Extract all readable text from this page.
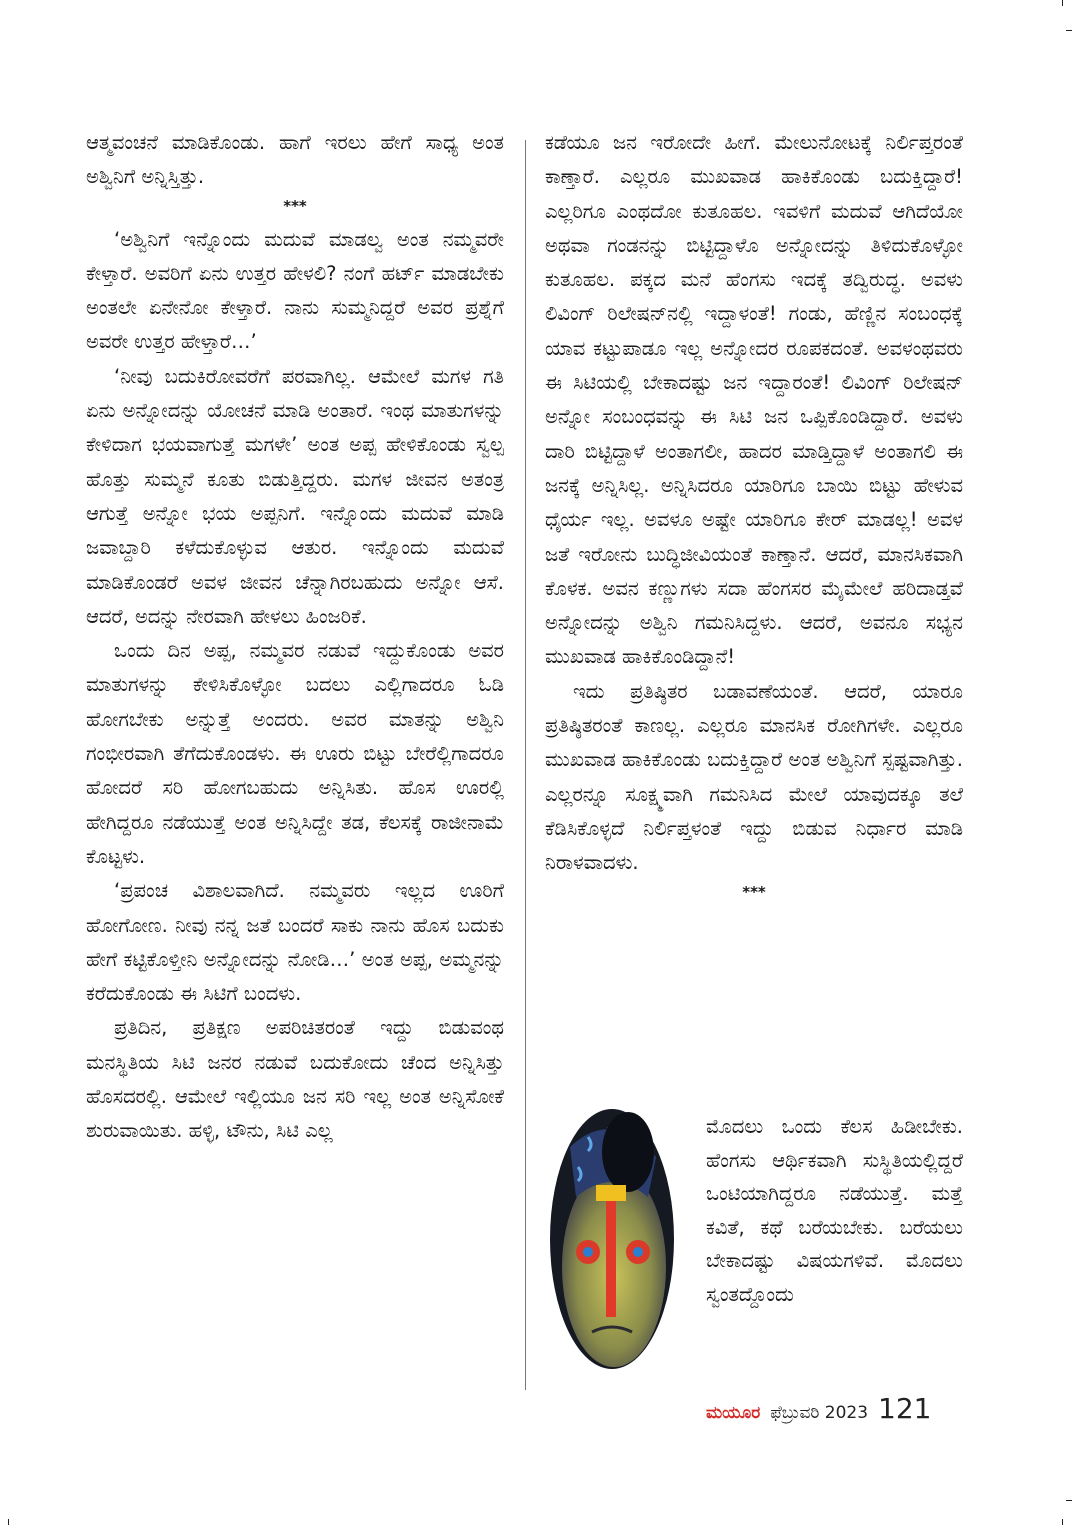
ಆತ್ಮವಂಚನೆ ಮಾಡಿಕೊಂಡು. ಹಾಗೆ ಇರಲು ಹೇಗೆ ಸಾಧ್ಯ ಅಂತ ಅಶ್ವಿನಿಗೆ ಅನ್ನಿಸ್ತಿತ್ತು.

***

‘ಅಶ್ವಿನಿಗೆ ಇನ್ನೊಂದು ಮದುವೆ ಮಾಡಲ್ವ ಅಂತ ನಮ್ಮವರೇ ಕೇಳ್ತಾರೆ. ಅವರಿಗೆ ಏನು ಉತ್ತರ ಹೇಳಲಿ? ನಂಗೆ ಹರ್ಟ್ ಮಾಡಬೇಕು ಅಂತಲೇ ಏನೇನೋ ಕೇಳ್ತಾರೆ. ನಾನು ಸುಮ್ಮನಿದ್ದರೆ ಅವರ ಪ್ರಶ್ನೆಗೆ ಅವರೇ ಉತ್ತರ ಹೇಳ್ತಾರೆ…’

‘ನೀವು ಬದುಕಿರೋವರೆಗೆ ಪರವಾಗಿಲ್ಲ. ಆಮೇಲೆ ಮಗಳ ಗತಿ ಏನು ಅನ್ನೋದನ್ನು ಯೋಚನೆ ಮಾಡಿ ಅಂತಾರೆ. ಇಂಥ ಮಾತುಗಳನ್ನು ಕೇಳಿದಾಗ ಭಯವಾಗುತ್ತೆ ಮಗಳೇ’ ಅಂತ ಅಪ್ಪ ಹೇಳಿಕೊಂಡು ಸ್ವಲ್ಪ ಹೊತ್ತು ಸುಮ್ಮನೆ ಕೂತು ಬಿಡುತ್ತಿದ್ದರು. ಮಗಳ ಜೀವನ ಅತಂತ್ರ ಆಗುತ್ತೆ ಅನ್ನೋ ಭಯ ಅಪ್ಪನಿಗೆ. ಇನ್ನೊಂದು ಮದುವೆ ಮಾಡಿ ಜವಾಬ್ದಾರಿ ಕಳೆದುಕೊಳ್ಳುವ ಆತುರ. ಇನ್ನೊಂದು ಮದುವೆ ಮಾಡಿಕೊಂಡರೆ ಅವಳ ಜೀವನ ಚೆನ್ನಾಗಿರಬಹುದು ಅನ್ನೋ ಆಸೆ. ಆದರೆ, ಅದನ್ನು ನೇರವಾಗಿ ಹೇಳಲು ಹಿಂಜರಿಕೆ.

ಒಂದು ದಿನ ಅಪ್ಪ, ನಮ್ಮವರ ನಡುವೆ ಇದ್ದುಕೊಂಡು ಅವರ ಮಾತುಗಳನ್ನು ಕೇಳಿಸಿಕೊಳ್ಳೋ ಬದಲು ಎಲ್ಲಿಗಾದರೂ ಓಡಿ ಹೋಗಬೇಕು ಅನ್ನುತ್ತೆ ಅಂದರು. ಅವರ ಮಾತನ್ನು ಅಶ್ವಿನಿ ಗಂಭೀರವಾಗಿ ತೆಗೆದುಕೊಂಡಳು. ಈ ಊರು ಬಿಟ್ಟು ಬೇರೆಲ್ಲಿಗಾದರೂ ಹೋದರೆ ಸರಿ ಹೋಗಬಹುದು ಅನ್ನಿಸಿತು. ಹೊಸ ಊರಲ್ಲಿ ಹೇಗಿದ್ದರೂ ನಡೆಯುತ್ತೆ ಅಂತ ಅನ್ನಿಸಿದ್ದೇ ತಡ, ಕೆಲಸಕ್ಕೆ ರಾಜೀನಾಮೆ ಕೊಟ್ಟಳು.

‘ಪ್ರಪಂಚ ವಿಶಾಲವಾಗಿದೆ. ನಮ್ಮವರು ಇಲ್ಲದ ಊರಿಗೆ ಹೋಗೋಣ. ನೀವು ನನ್ನ ಜತೆ ಬಂದರೆ ಸಾಕು ನಾನು ಹೊಸ ಬದುಕು ಹೇಗೆ ಕಟ್ಟಿಕೊಳ್ತೀನಿ ಅನ್ನೋದನ್ನು ನೋಡಿ…’ ಅಂತ ಅಪ್ಪ, ಅಮ್ಮನನ್ನು ಕರೆದುಕೊಂಡು ಈ ಸಿಟಿಗೆ ಬಂದಳು.

ಪ್ರತಿದಿನ, ಪ್ರತಿಕ್ಷಣ ಅಪರಿಚಿತರಂತೆ ಇದ್ದು ಬಿಡುವಂಥ ಮನಸ್ಥಿತಿಯ ಸಿಟಿ ಜನರ ನಡುವೆ ಬದುಕೋದು ಚೆಂದ ಅನ್ನಿಸಿತ್ತು ಹೊಸದರಲ್ಲಿ. ಆಮೇಲೆ ಇಲ್ಲಿಯೂ ಜನ ಸರಿ ಇಲ್ಲ ಅಂತ ಅನ್ನಿಸೋಕೆ ಶುರುವಾಯಿತು. ಹಳ್ಳಿ, ಟೌನು, ಸಿಟಿ ಎಲ್ಲ

ಕಡೆಯೂ ಜನ ಇರೋದೇ ಹೀಗೆ. ಮೇಲುನೋಟಕ್ಕೆ ನಿರ್ಲಿಪ್ತರಂತೆ ಕಾಣ್ತಾರೆ. ಎಲ್ಲರೂ ಮುಖವಾಡ ಹಾಕಿಕೊಂಡು ಬದುಕ್ತಿದ್ದಾರೆ! ಎಲ್ಲರಿಗೂ ಎಂಥದೋ ಕುತೂಹಲ. ಇವಳಿಗೆ ಮದುವೆ ಆಗಿದೆಯೋ ಅಥವಾ ಗಂಡನನ್ನು ಬಿಟ್ಟಿದ್ದಾಳೊ ಅನ್ನೋದನ್ನು ತಿಳಿದುಕೊಳ್ಳೋ ಕುತೂಹಲ. ಪಕ್ಕದ ಮನೆ ಹೆಂಗಸು ಇದಕ್ಕೆ ತದ್ವಿರುದ್ಧ. ಅವಳು ಲಿವಿಂಗ್ ರಿಲೇಷನ್‌ನಲ್ಲಿ ಇದ್ದಾಳಂತೆ! ಗಂಡು, ಹೆಣ್ಣಿನ ಸಂಬಂಧಕ್ಕೆ ಯಾವ ಕಟ್ಟುಪಾಡೂ ಇಲ್ಲ ಅನ್ನೋದರ ರೂಪಕದಂತೆ. ಅವಳಂಥವರು ಈ ಸಿಟಿಯಲ್ಲಿ ಬೇಕಾದಷ್ಟು ಜನ ಇದ್ದಾರಂತೆ! ಲಿವಿಂಗ್ ರಿಲೇಷನ್ ಅನ್ನೋ ಸಂಬಂಧವನ್ನು ಈ ಸಿಟಿ ಜನ ಒಪ್ಪಿಕೊಂಡಿದ್ದಾರೆ. ಅವಳು ದಾರಿ ಬಿಟ್ಟಿದ್ದಾಳೆ ಅಂತಾಗಲೀ, ಹಾದರ ಮಾಡ್ತಿದ್ದಾಳೆ ಅಂತಾಗಲಿ ಈ ಜನಕ್ಕೆ ಅನ್ನಿಸಿಲ್ಲ. ಅನ್ನಿಸಿದರೂ ಯಾರಿಗೂ ಬಾಯಿ ಬಿಟ್ಟು ಹೇಳುವ ಧೈರ್ಯ ಇಲ್ಲ. ಅವಳೂ ಅಷ್ಟೇ ಯಾರಿಗೂ ಕೇರ್ ಮಾಡಲ್ಲ! ಅವಳ ಜತೆ ಇರೋನು ಬುದ್ಧಿಜೀವಿಯಂತೆ ಕಾಣ್ತಾನೆ. ಆದರೆ, ಮಾನಸಿಕವಾಗಿ ಕೊಳಕ. ಅವನ ಕಣ್ಣುಗಳು ಸದಾ ಹೆಂಗಸರ ಮೈಮೇಲೆ ಹರಿದಾಡ್ತವೆ ಅನ್ನೋದನ್ನು ಅಶ್ವಿನಿ ಗಮನಿಸಿದ್ದಳು. ಆದರೆ, ಅವನೂ ಸಭ್ಯನ ಮುಖವಾಡ ಹಾಕಿಕೊಂಡಿದ್ದಾನೆ!

ಇದು ಪ್ರತಿಷ್ಠಿತರ ಬಡಾವಣೆಯಂತೆ. ಆದರೆ, ಯಾರೂ ಪ್ರತಿಷ್ಠಿತರಂತೆ ಕಾಣಲ್ಲ. ಎಲ್ಲರೂ ಮಾನಸಿಕ ರೋಗಿಗಳೇ. ಎಲ್ಲರೂ ಮುಖವಾಡ ಹಾಕಿಕೊಂಡು ಬದುಕ್ತಿದ್ದಾರೆ ಅಂತ ಅಶ್ವಿನಿಗೆ ಸ್ಪಷ್ಟವಾಗಿತ್ತು. ಎಲ್ಲರನ್ನೂ ಸೂಕ್ಷ್ಮವಾಗಿ ಗಮನಿಸಿದ ಮೇಲೆ ಯಾವುದಕ್ಕೂ ತಲೆ ಕೆಡಿಸಿಕೊಳ್ಳದೆ ನಿರ್ಲಿಪ್ತಳಂತೆ ಇದ್ದು ಬಿಡುವ ನಿರ್ಧಾರ ಮಾಡಿ ನಿರಾಳವಾದಳು.

***
ಮೊದಲು ಒಂದು ಕೆಲಸ ಹಿಡೀಬೇಕು. ಹೆಂಗಸು ಆರ್ಥಿಕವಾಗಿ ಸುಸ್ಥಿತಿಯಲ್ಲಿದ್ದರೆ ಒಂಟಿಯಾಗಿದ್ದರೂ ನಡೆಯುತ್ತೆ. ಮತ್ತೆ ಕವಿತೆ, ಕಥೆ ಬರೆಯಬೇಕು. ಬರೆಯಲು ಬೇಕಾದಷ್ಟು ವಿಷಯಗಳಿವೆ. ಮೊದಲು ಸ್ವಂತದ್ದೊಂದು
ಮಯೂರ ಫೆಬ್ರುವರಿ 2023 121
